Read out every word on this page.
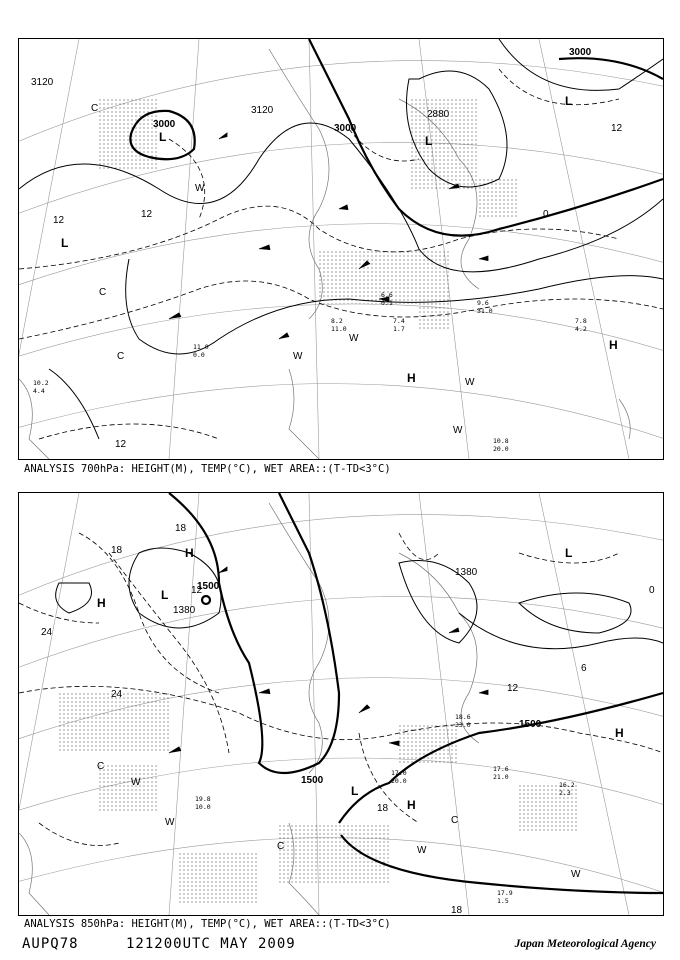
3120
3000
3120
3000
2880
3000
12
12	0
12
12
L	L
L
L
H
H
C
C
C
W
W
W
W
W
9.6
31.0
7.8
4.2
10.8
20.0
6.6
0.1
7.4
1.7
11.0
0.0
8.2
11.0
10.2
4.4
ANALYSIS 700hPa: HEIGHT(M), TEMP(°C), WET AREA::(T-TD<3°C)
1380
1500
1380
1500
1500
18
18
24
24
12
12
6
0
18
18
L
L
H
H
H
H
L
C
C
C
W
W
W
W
17.6
21.0
16.2
2.3
17.9
1.5
17.0
20.0
18.6
33.0
19.8
10.0
ANALYSIS 850hPa: HEIGHT(M), TEMP(°C), WET AREA::(T-TD<3°C)
AUPQ78	121200UTC MAY 2009	Japan Meteorological Agency
